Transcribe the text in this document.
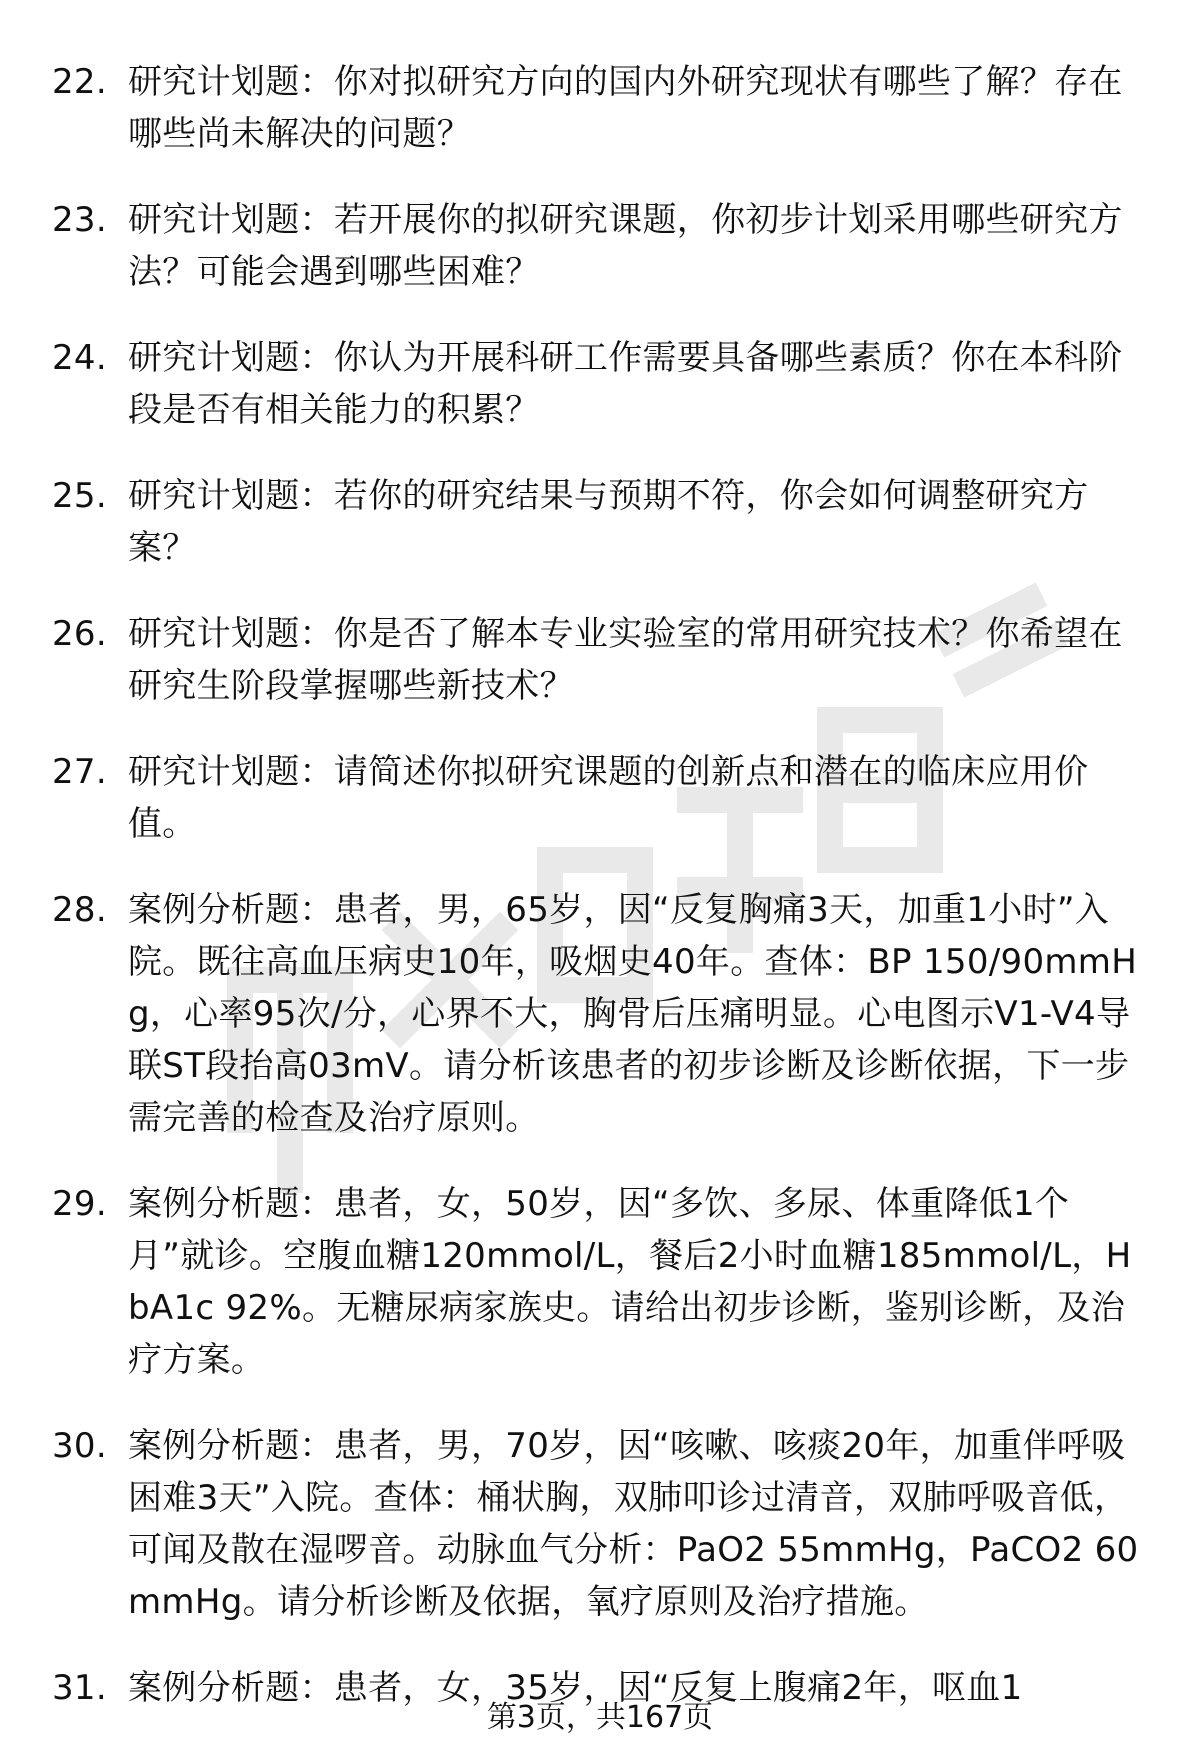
22. 研究计划题：你对拟研究方向的国内外研究现状有哪些了解？存在哪些尚未解决的问题？
23. 研究计划题：若开展你的拟研究课题，你初步计划采用哪些研究方法？可能会遇到哪些困难？
24. 研究计划题：你认为开展科研工作需要具备哪些素质？你在本科阶段是否有相关能力的积累？
25. 研究计划题：若你的研究结果与预期不符，你会如何调整研究方案？
26. 研究计划题：你是否了解本专业实验室的常用研究技术？你希望在研究生阶段掌握哪些新技术？
27. 研究计划题：请简述你拟研究课题的创新点和潜在的临床应用价值。
28. 案例分析题：患者，男，65岁，因“反复胸痛3天，加重1小时”入院。既往高血压病史10年，吸烟史40年。查体：BP 150/90mmHg，心率95次/分，心界不大，胸骨后压痛明显。心电图示V1-V4导联ST段抬高03mV。请分析该患者的初步诊断及诊断依据，下一步需完善的检查及治疗原则。
29. 案例分析题：患者，女，50岁，因“多饮、多尿、体重降低1个月”就诊。空腹血糖120mmol/L，餐后2小时血糖185mmol/L，HbA1c 92%。无糖尿病家族史。请给出初步诊断，鉴别诊断，及治疗方案。
30. 案例分析题：患者，男，70岁，因“咳嗽、咳痰20年，加重伴呼吸困难3天”入院。查体：桶状胸，双肺叩诊过清音，双肺呼吸音低，可闻及散在湿啰音。动脉血气分析：PaO2 55mmHg，PaCO2 60mmHg。请分析诊断及依据，氧疗原则及治疗措施。
31. 案例分析题：患者，女，35岁，因“反复上腹痛2年，呕血1
第3页，共167页
